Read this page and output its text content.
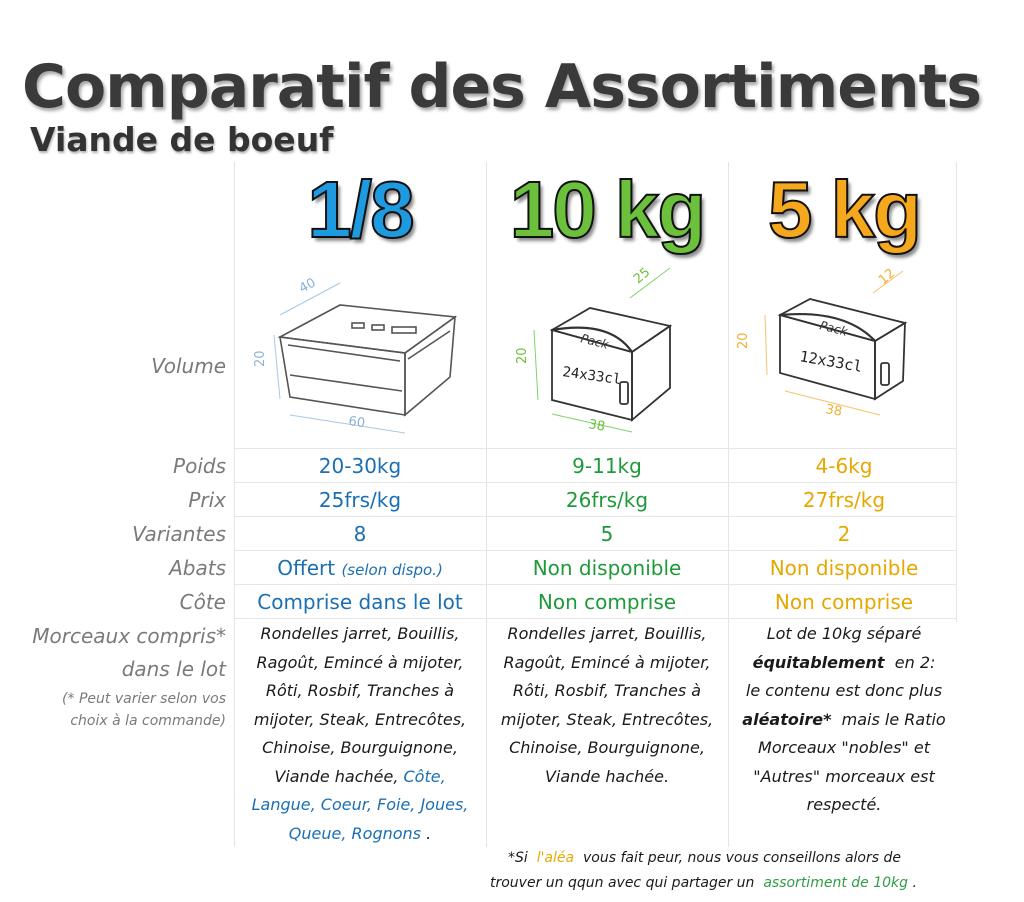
Comparatif des Assortiments
Viande de boeuf
1/8	10 kg 5 kg
40
20
60
Pack
24x33cl
25
20
38
Pack
12x33cl
12
20
38
Volume
Poids
Prix
Variantes
Abats
Côte
Morceaux compris*
dans le lot
(* Peut varier selon vos
choix à la commande)
20-30kg
25frs/kg
8
Offert (selon dispo.)
Comprise dans le lot
9-11kg
26frs/kg
5
Non disponible
Non comprise
4-6kg
27frs/kg
2
Non disponible
Non comprise
Rondelles jarret, Bouillis,
Ragoût, Emincé à mijoter,
Rôti, Rosbif, Tranches à
mijoter, Steak, Entrecôtes,
Chinoise, Bourguignone,
Viande hachée, Côte,
Langue, Coeur, Foie, Joues,
Queue, Rognons .
Rondelles jarret, Bouillis,
Ragoût, Emincé à mijoter,
Rôti, Rosbif, Tranches à
mijoter, Steak, Entrecôtes,
Chinoise, Bourguignone,
Viande hachée.
Lot de 10kg séparé
équitablement en 2:
le contenu est donc plus
aléatoire* mais le Ratio
Morceaux "nobles" et
"Autres" morceaux est
respecté.
*Si l'aléa vous fait peur, nous vous conseillons alors de
trouver un qqun avec qui partager un assortiment de 10kg .
